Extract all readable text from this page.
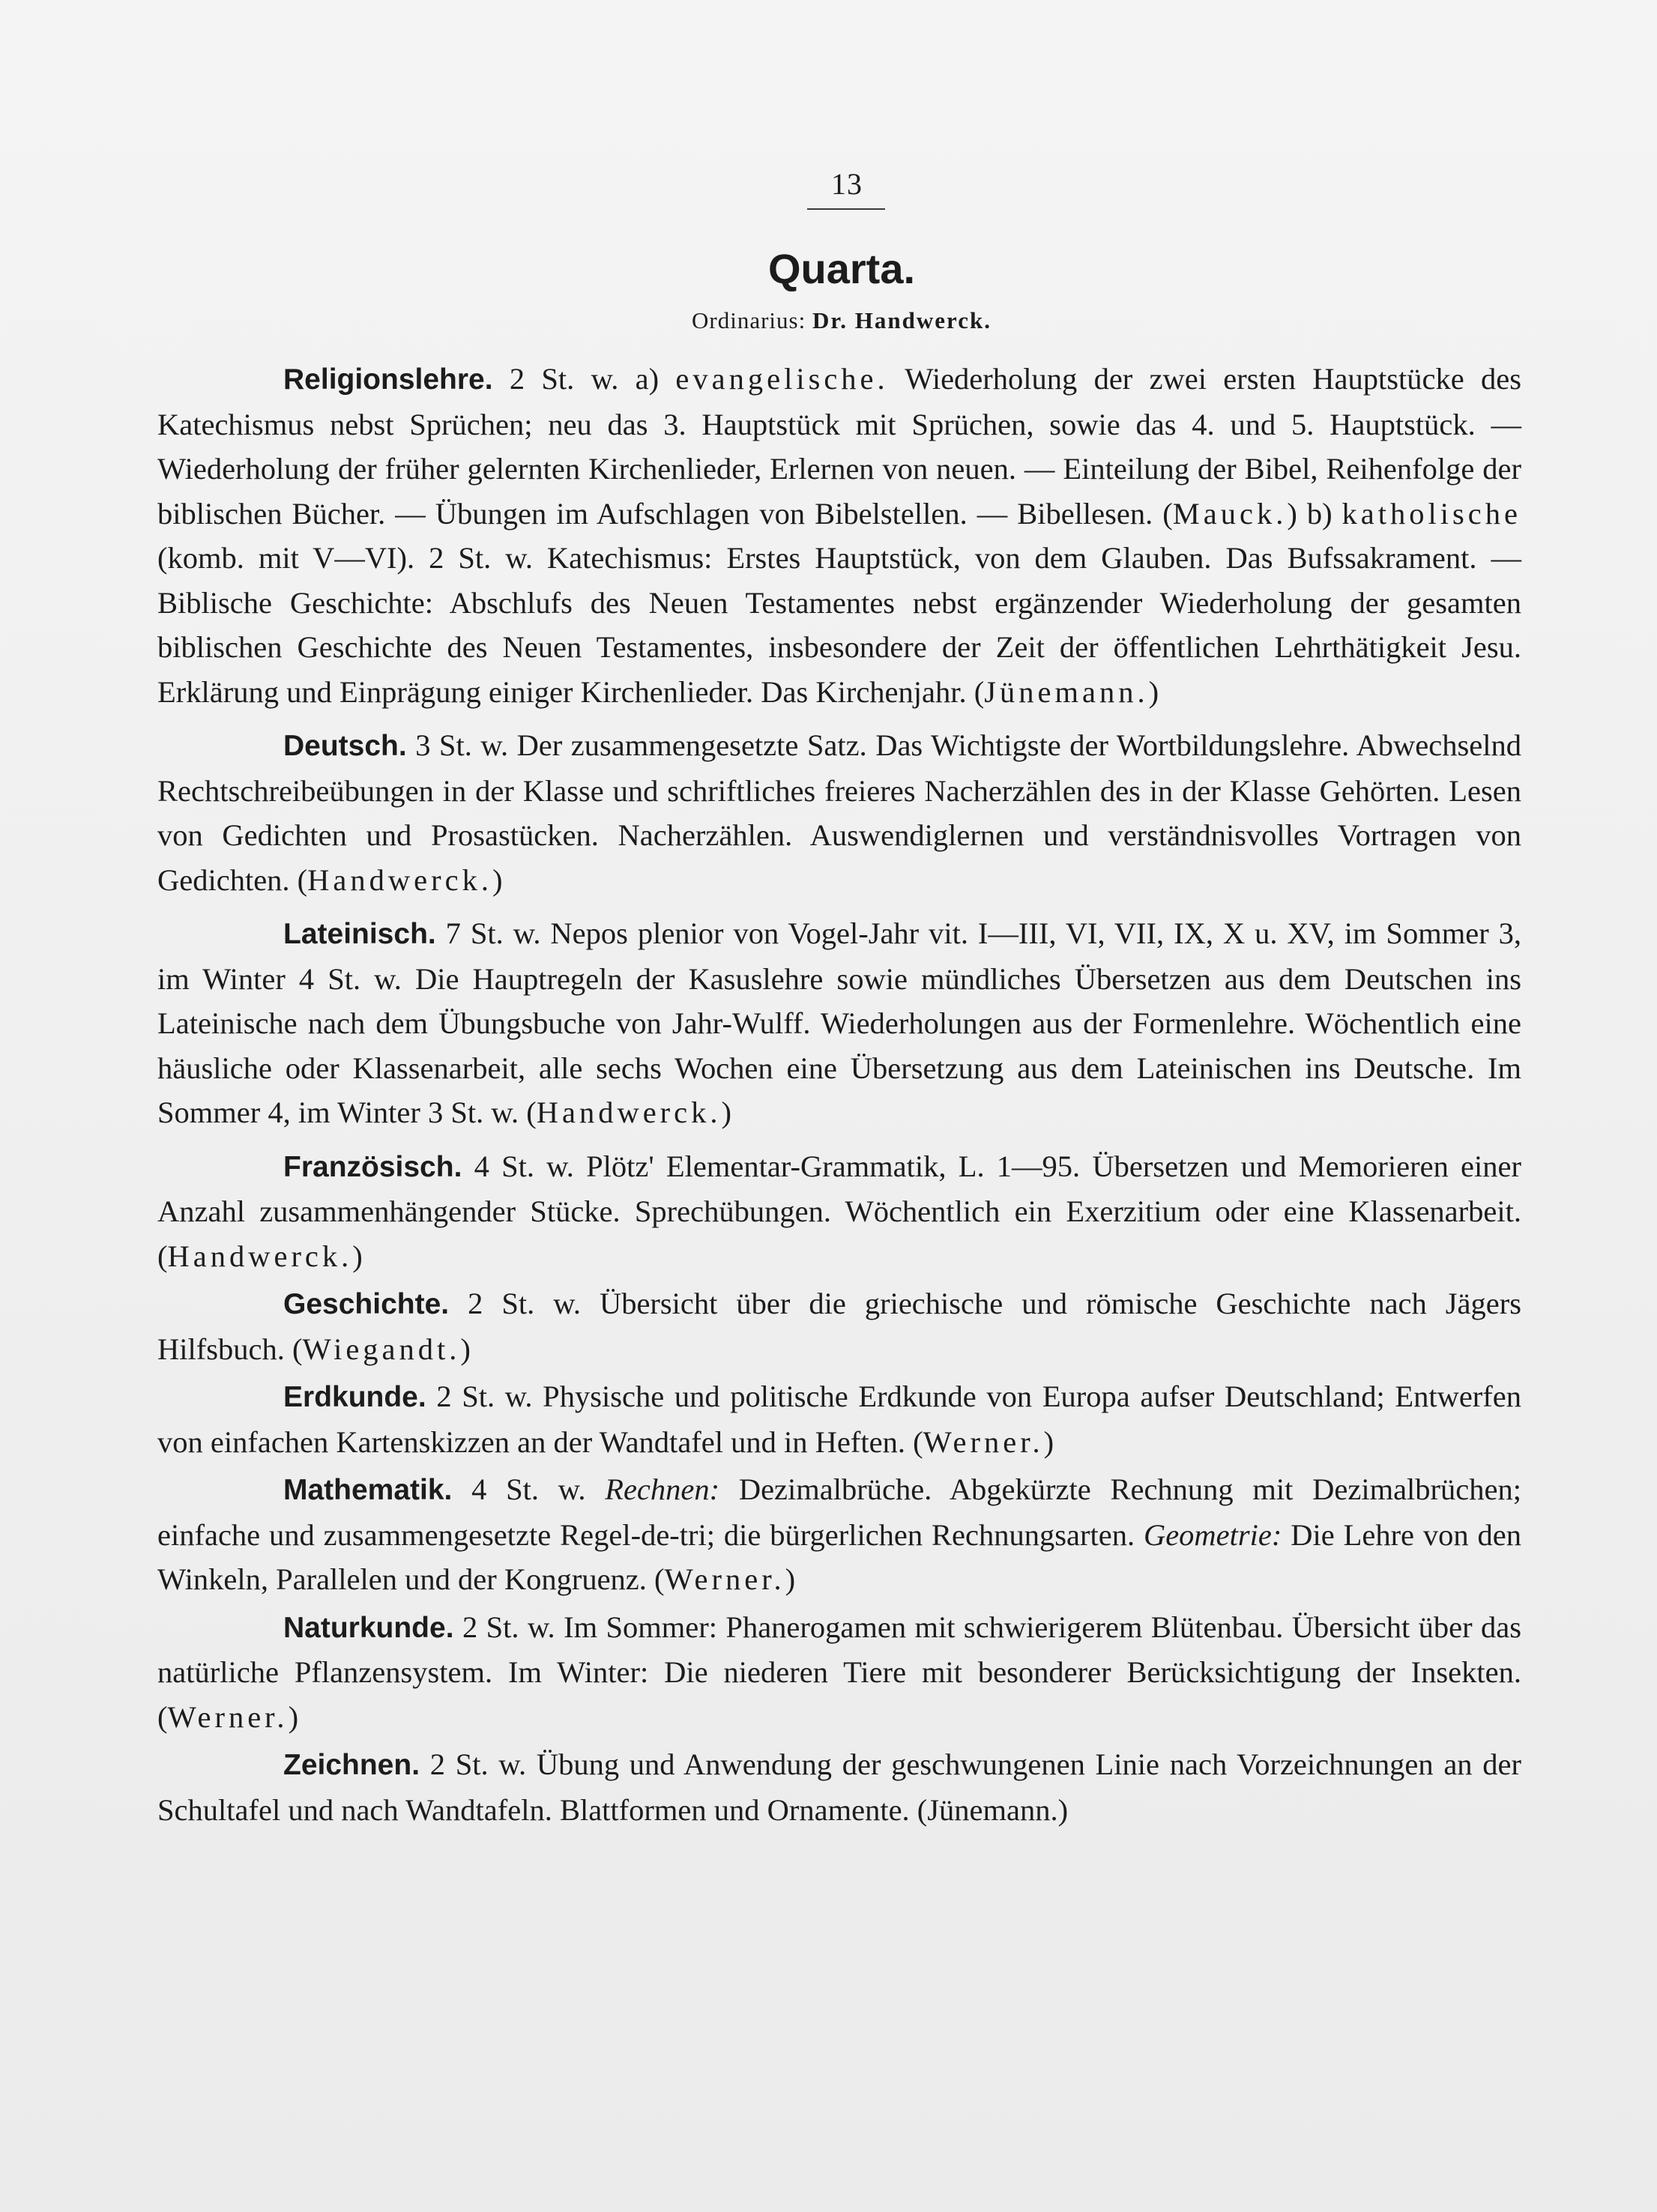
13
Quarta.
Ordinarius: Dr. Handwerck.

Religionslehre. 2 St. w. a) evangelische. Wiederholung der zwei ersten Hauptstücke des Katechismus nebst Sprüchen; neu das 3. Hauptstück mit Sprüchen, sowie das 4. und 5. Hauptstück. — Wiederholung der früher gelernten Kirchenlieder, Erlernen von neuen. — Einteilung der Bibel, Reihenfolge der biblischen Bücher. — Übungen im Aufschlagen von Bibelstellen. — Bibellesen. (Mauck.) b) katholische (komb. mit V—VI). 2 St. w. Katechismus: Erstes Hauptstück, von dem Glauben. Das Bufssakrament. — Biblische Geschichte: Abschlufs des Neuen Testamentes nebst ergänzender Wiederholung der gesamten biblischen Geschichte des Neuen Testamentes, insbesondere der Zeit der öffentlichen Lehrthätigkeit Jesu. Erklärung und Einprägung einiger Kirchenlieder. Das Kirchenjahr. (Jünemann.)

Deutsch. 3 St. w. Der zusammengesetzte Satz. Das Wichtigste der Wortbildungslehre. Abwechselnd Rechtschreibeübungen in der Klasse und schriftliches freieres Nacherzählen des in der Klasse Gehörten. Lesen von Gedichten und Prosastücken. Nacherzählen. Auswendiglernen und verständnisvolles Vortragen von Gedichten. (Handwerck.)

Lateinisch. 7 St. w. Nepos plenior von Vogel-Jahr vit. I—III, VI, VII, IX, X u. XV, im Sommer 3, im Winter 4 St. w. Die Hauptregeln der Kasuslehre sowie mündliches Übersetzen aus dem Deutschen ins Lateinische nach dem Übungsbuche von Jahr-Wulff. Wiederholungen aus der Formenlehre. Wöchentlich eine häusliche oder Klassenarbeit, alle sechs Wochen eine Übersetzung aus dem Lateinischen ins Deutsche. Im Sommer 4, im Winter 3 St. w. (Handwerck.)

Französisch. 4 St. w. Plötz' Elementar-Grammatik, L. 1—95. Übersetzen und Memorieren einer Anzahl zusammenhängender Stücke. Sprechübungen. Wöchentlich ein Exerzitium oder eine Klassenarbeit. (Handwerck.)

Geschichte. 2 St. w. Übersicht über die griechische und römische Geschichte nach Jägers Hilfsbuch. (Wiegandt.)

Erdkunde. 2 St. w. Physische und politische Erdkunde von Europa aufser Deutschland; Entwerfen von einfachen Kartenskizzen an der Wandtafel und in Heften. (Werner.)

Mathematik. 4 St. w. Rechnen: Dezimalbrüche. Abgekürzte Rechnung mit Dezimalbrüchen; einfache und zusammengesetzte Regel-de-tri; die bürgerlichen Rechnungsarten. Geometrie: Die Lehre von den Winkeln, Parallelen und der Kongruenz. (Werner.)

Naturkunde. 2 St. w. Im Sommer: Phanerogamen mit schwierigerem Blütenbau. Übersicht über das natürliche Pflanzensystem. Im Winter: Die niederen Tiere mit besonderer Berücksichtigung der Insekten. (Werner.)

Zeichnen. 2 St. w. Übung und Anwendung der geschwungenen Linie nach Vorzeichnungen an der Schultafel und nach Wandtafeln. Blattformen und Ornamente. (Jünemann.)
